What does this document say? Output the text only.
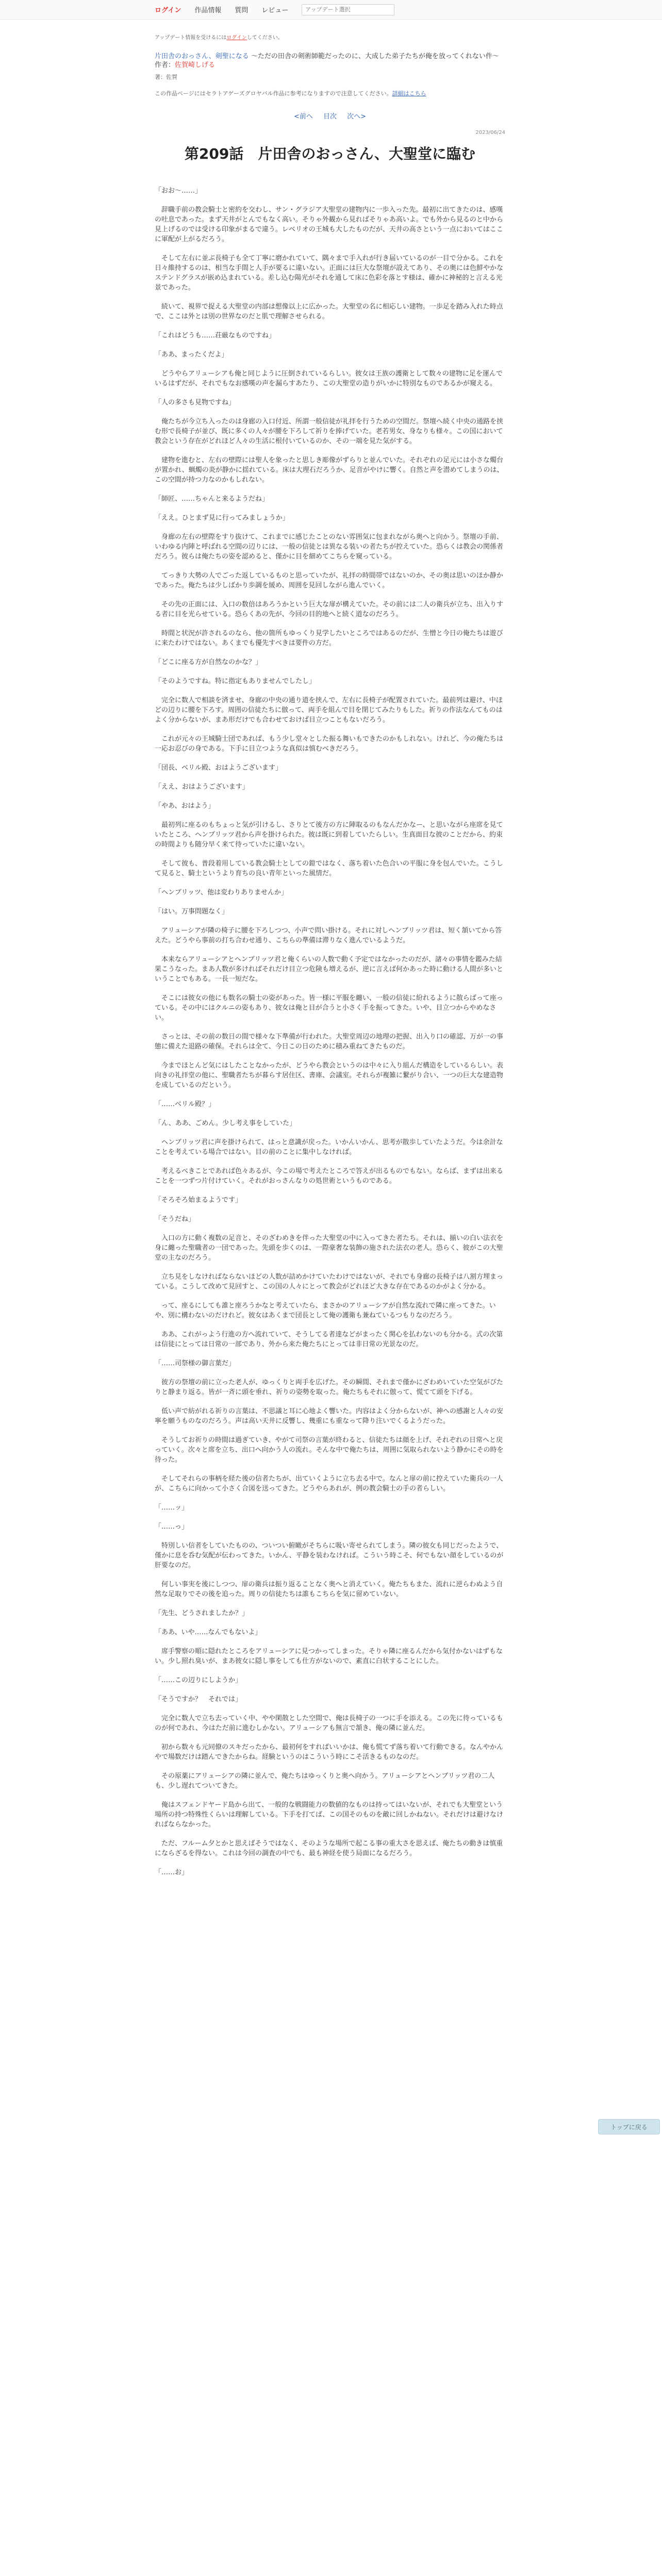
ログイン 作品情報 質問 レビュー
アップデート選択
アップデート情報を受けるにはログインしてください。
片田舎のおっさん、剣聖になる ～ただの田舎の剣術師範だったのに、大成した弟子たちが俺を放ってくれない件～ 作者：佐賀崎しげる
著：佐賀
この作品ページにはセラトアゲーズグロヤバル作品に参考になりますので注意してください。詳細はこちら
<前へ 目次 次へ>
2023/06/24
第209話　片田舎のおっさん、大聖堂に臨む

「おお～……」

辞職手前の教会騎士と密約を交わし、サン・グラジア大聖堂の建物内に一歩入った先。最初に出てきたのは、感嘆の吐息であった。まず天井がとんでもなく高い。そりゃ外観から見ればそりゃあ高いよ。でも外から見るのと中から見上げるのでは受ける印象がまるで違う。レベリオの王城も大したものだが、天井の高さという一点においてはここに軍配が上がるだろう。

そして左右に並ぶ長椅子も全て丁寧に磨かれていて、隅々まで手入れが行き届いているのが一目で分かる。これを日々維持するのは、相当な手間と人手が要るに違いない。正面には巨大な祭壇が設えてあり、その奥には色鮮やかなステンドグラスが嵌め込まれている。差し込む陽光がそれを通して床に色彩を落とす様は、確かに神秘的と言える光景であった。

続いて、視界で捉える大聖堂の内部は想像以上に広かった。大聖堂の名に相応しい建物。一歩足を踏み入れた時点で、ここは外とは別の世界なのだと肌で理解させられる。

「これはどうも……荘厳なものですね」

「ああ、まったくだよ」

どうやらアリューシアも俺と同じように圧倒されているらしい。彼女は王族の護衛として数々の建物に足を運んでいるはずだが、それでもなお感嘆の声を漏らすあたり、この大聖堂の造りがいかに特別なものであるかが窺える。

「人の多さも見物ですね」

俺たちが今立ち入ったのは身廊の入口付近、所謂一般信徒が礼拝を行うための空間だ。祭壇へ続く中央の通路を挟む形で長椅子が並び、既に多くの人々が腰を下ろして祈りを捧げていた。老若男女、身なりも様々。この国において教会という存在がどれほど人々の生活に根付いているのか、その一端を見た気がする。

建物を進むと、左右の壁際には聖人を象ったと思しき彫像がずらりと並んでいた。それぞれの足元には小さな燭台が置かれ、蝋燭の炎が静かに揺れている。床は大理石だろうか、足音がやけに響く。自然と声を潜めてしまうのは、この空間が持つ力なのかもしれない。

「師匠、……ちゃんと来るようだね」

「ええ。ひとまず見に行ってみましょうか」

身廊の左右の壁際をすり抜けて、これまでに感じたことのない雰囲気に包まれながら奥へと向かう。祭壇の手前、いわゆる内陣と呼ばれる空間の辺りには、一般の信徒とは異なる装いの者たちが控えていた。恐らくは教会の関係者だろう。彼らは俺たちの姿を認めると、僅かに目を細めてこちらを窺っている。

てっきり大勢の人でごった返しているものと思っていたが、礼拝の時間帯ではないのか、その奥は思いのほか静かであった。俺たちは少しばかり歩調を緩め、周囲を見回しながら進んでいく。

その先の正面には、入口の数倍はあろうかという巨大な扉が構えていた。その前には二人の衛兵が立ち、出入りする者に目を光らせている。恐らくあの先が、今回の目的地へと続く道なのだろう。

時間と状況が許されるのなら、他の箇所もゆっくり見学したいところではあるのだが、生憎と今日の俺たちは遊びに来たわけではない。あくまでも優先すべきは要件の方だ。

「どこに座る方が自然なのかな？」

「そのようですね。特に指定もありませんでしたし」

完全に数人で相談を済ませ、身廊の中央の通り道を挟んで、左右に長椅子が配置されていた。最前列は避け、中ほどの辺りに腰を下ろす。周囲の信徒たちに倣って、両手を組んで目を閉じてみたりもした。祈りの作法なんてものはよく分からないが、まあ形だけでも合わせておけば目立つこともないだろう。

これが元々の王城騎士団であれば、もう少し堂々とした振る舞いもできたのかもしれない。けれど、今の俺たちは一応お忍びの身である。下手に目立つような真似は慎むべきだろう。

「団長、ベリル殿、おはようございます」

「ええ、おはようございます」

「やあ、おはよう」

最初列に座るのもちょっと気が引けるし、さりとて後方の方に陣取るのもなんだかなー、と思いながら座席を見ていたところ、ヘンブリッツ君から声を掛けられた。彼は既に到着していたらしい。生真面目な彼のことだから、約束の時間よりも随分早く来て待っていたに違いない。

そして彼も、普段着用している教会騎士としての鎧ではなく、落ち着いた色合いの平服に身を包んでいた。こうして見ると、騎士というより育ちの良い青年といった風情だ。

「ヘンブリッツ、他は変わりありませんか」

「はい。万事問題なく」

アリューシアが隣の椅子に腰を下ろしつつ、小声で問い掛ける。それに対しヘンブリッツ君は、短く頷いてから答えた。どうやら事前の打ち合わせ通り、こちらの準備は滞りなく進んでいるようだ。

本来ならアリューシアとヘンブリッツ君と俺くらいの人数で動く予定ではなかったのだが、諸々の事情を鑑みた結果こうなった。まあ人数が多ければそれだけ目立つ危険も増えるが、逆に言えば何かあった時に動ける人間が多いということでもある。一長一短だな。

そこには彼女の他にも数名の騎士の姿があった。皆一様に平服を纏い、一般の信徒に紛れるように散らばって座っている。その中にはクルニの姿もあり、彼女は俺と目が合うと小さく手を振ってきた。いや、目立つからやめなさい。

さっとは、その前の数日の間で様々な下準備が行われた。大聖堂周辺の地理の把握、出入り口の確認、万が一の事態に備えた退路の確保。それらは全て、今日この日のために積み重ねてきたものだ。

今までほとんど気にはしたことなかったが、どうやら教会というのは中々に入り組んだ構造をしているらしい。表向きの礼拝堂の他に、聖職者たちが暮らす居住区、書庫、会議室。それらが複雑に繋がり合い、一つの巨大な建造物を成しているのだという。

「……ベリル殿？」

「ん、ああ、ごめん。少し考え事をしていた」

ヘンブリッツ君に声を掛けられて、はっと意識が戻った。いかんいかん、思考が散歩していたようだ。今は余計なことを考えている場合ではない。目の前のことに集中しなければ。

考えるべきことであれば色々あるが、今この場で考えたところで答えが出るものでもない。ならば、まずは出来ることを一つずつ片付けていく。それがおっさんなりの処世術というものである。

「そろそろ始まるようです」

「そうだね」

入口の方に動く複数の足音と、そのざわめきを伴った大聖堂の中に入ってきた者たち。それは、揃いの白い法衣を身に纏った聖職者の一団であった。先頭を歩くのは、一際豪奢な装飾の施された法衣の老人。恐らく、彼がこの大聖堂の主なのだろう。

立ち見をしなければならないほどの人数が詰めかけていたわけではないが、それでも身廊の長椅子は八割方埋まっている。こうして改めて見回すと、この国の人々にとって教会がどれほど大きな存在であるのかがよく分かる。

って、座るにしても誰と座ろうかなと考えていたら、まさかのアリューシアが自然な流れで隣に座ってきた。いや、別に構わないのだけれど。彼女はあくまで団長として俺の護衛も兼ねているつもりなのだろう。

ああ、これがっよう行進の方へ流れていて、そうしてる者達などがまったく関心を払わないのも分かる。式の次第は信徒にとっては日常の一部であり、外から来た俺たちにとっては非日常の光景なのだ。

「……司祭様の御言葉だ」

彼方の祭壇の前に立った老人が、ゆっくりと両手を広げた。その瞬間、それまで僅かにざわめいていた空気がぴたりと静まり返る。皆が一斉に頭を垂れ、祈りの姿勢を取った。俺たちもそれに倣って、慌てて頭を下げる。

低い声で紡がれる祈りの言葉は、不思議と耳に心地よく響いた。内容はよく分からないが、神への感謝と人々の安寧を願うものなのだろう。声は高い天井に反響し、幾重にも重なって降り注いでくるようだった。

そうしてお祈りの時間は過ぎていき、やがて司祭の言葉が終わると、信徒たちは顔を上げ、それぞれの日常へと戻っていく。次々と席を立ち、出口へ向かう人の流れ。そんな中で俺たちは、周囲に気取られないよう静かにその時を待った。

そしてそれらの事柄を経た後の信者たちが、出ていくように立ち去る中で。なんと扉の前に控えていた衛兵の一人が、こちらに向かって小さく合図を送ってきた。どうやらあれが、例の教会騎士の手の者らしい。

「……ッ」

「……っ」

特別しい信者をしていたものの、ついつい俯瞰がそちらに吸い寄せられてしまう。隣の彼女も同じだったようで、僅かに息を呑む気配が伝わってきた。いかん、平静を装わなければ。こういう時こそ、何でもない顔をしているのが肝要なのだ。

何しい事実を後にしつつ、扉の衛兵は振り返ることなく奥へと消えていく。俺たちもまた、流れに逆らわぬよう自然な足取りでその後を追った。周りの信徒たちは誰もこちらを気に留めていない。

「先生、どうされましたか？」

「ああ、いや……なんでもないよ」

席手警察の順に隠れたところをアリューシアに見つかってしまった。そりゃ隣に座るんだから気付かないはずもない。少し照れ臭いが、まあ彼女に隠し事をしても仕方がないので、素直に白状することにした。

「……この辺りにしようか」

「そうですか？　それでは」

完全に数人で立ち去っていく中、やや閑散とした空間で、俺は長椅子の一つに手を添える。この先に待っているものが何であれ、今はただ前に進むしかない。アリューシアも無言で頷き、俺の隣に並んだ。

初から数々も元同僚のスキだったから、最初何をすればいいかは、俺も慌てず落ち着いて行動できる。なんやかんやで場数だけは踏んできたからね。経験というのはこういう時にこそ活きるものなのだ。

その原薬にアリューシアの隣に並んで、俺たちはゆっくりと奥へ向かう。アリューシアとヘンブリッツ君の二人も、少し遅れてついてきた。

俺はスフェンドヤード島から出て、一般的な戦闘能力の数値的なものは持ってはいないが、それでも大聖堂という場所の持つ特殊性くらいは理解している。下手を打てば、この国そのものを敵に回しかねない。それだけは避けなければならなかった。

ただ、フルーム夕とかと思えばそうではなく、そのような場所で起こる事の重大さを思えば、俺たちの動きは慎重にならざるを得ない。これは今回の調査の中でも、最も神経を使う局面になるだろう。

「……お」

トップに戻る
